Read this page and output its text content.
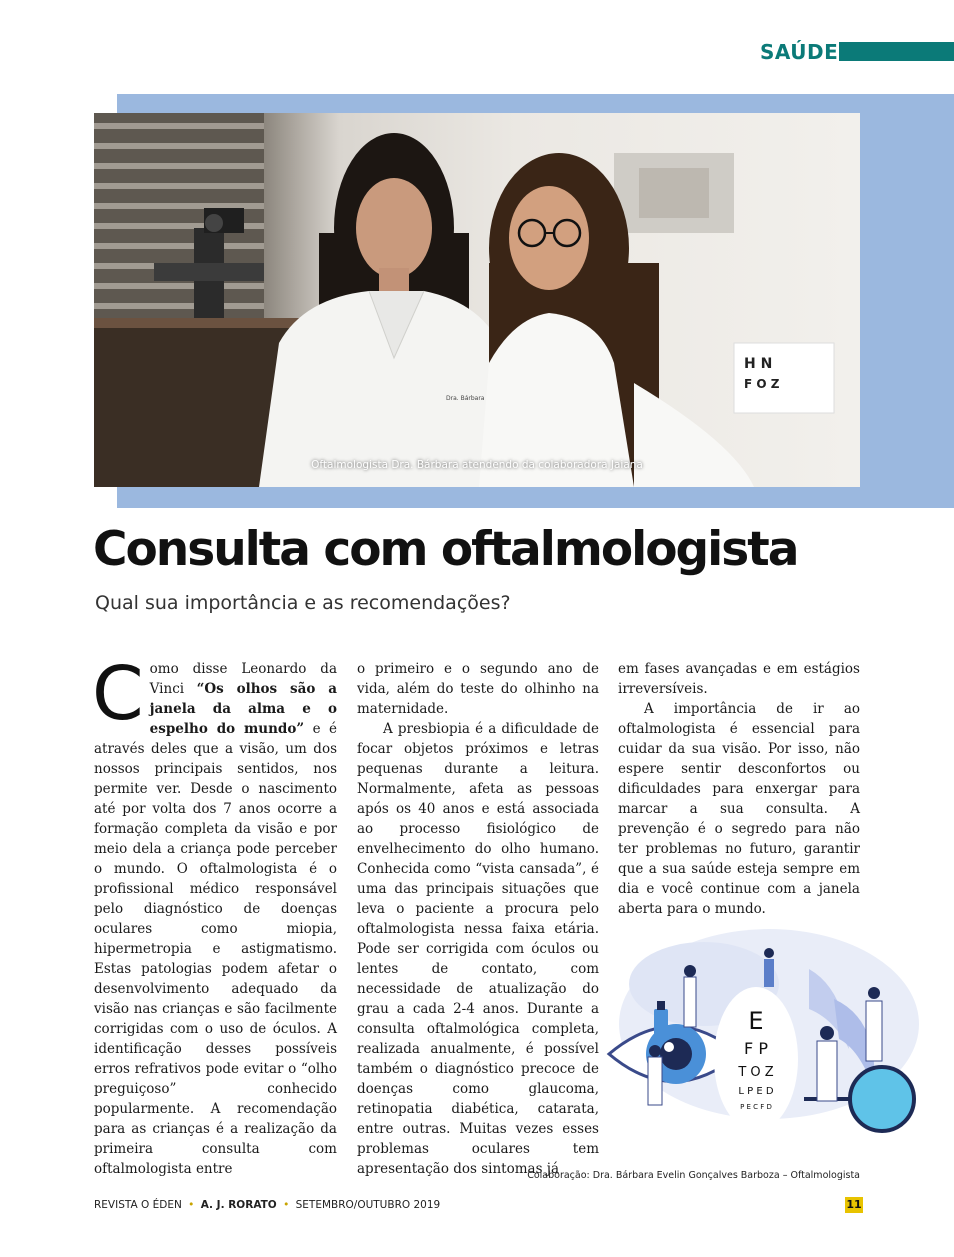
SAÚDE
H N
F O Z
Dra. Bárbara
Oftalmologista Dra. Bárbara atendendo da colaboradora Jaiana
Consulta com oftalmologista
Qual sua importância e as recomendações?

C omo disse Leonardo da Vinci “Os olhos são a janela da alma e o espelho do mundo” e é através deles que a visão, um dos nossos principais sentidos, nos permite ver. Desde o nascimento até por volta dos 7 anos ocorre a formação completa da visão e por meio dela a criança pode perceber o mundo. O oftalmologista é o profissional médico responsável pelo diagnóstico de doenças oculares como miopia, hipermetropia e astigmatismo. Estas patologias podem afetar o desenvolvimento adequado da visão nas crianças e são facilmente corrigidas com o uso de óculos. A identificação desses possíveis erros refrativos pode evitar o “olho preguiçoso” conhecido popularmente. A recomendação para as crianças é a realização da primeira consulta com oftalmologista entre

o primeiro e o segundo ano de vida, além do teste do olhinho na maternidade.

A presbiopia é a dificuldade de focar objetos próximos e letras pequenas durante a leitura. Normalmente, afeta as pessoas após os 40 anos e está associada ao processo fisiológico de envelhecimento do olho humano. Conhecida como “vista cansada”, é uma das principais situações que leva o paciente a procura pelo oftalmologista nessa faixa etária. Pode ser corrigida com óculos ou lentes de contato, com necessidade de atualização do grau a cada 2-4 anos. Durante a consulta oftalmológica completa, realizada anualmente, é possível também o diagnóstico precoce de doenças como glaucoma, retinopatia diabética, catarata, entre outras. Muitas vezes esses problemas oculares tem apresentação dos sintomas já

em fases avançadas e em estágios irreversíveis.

A importância de ir ao oftalmologista é essencial para cuidar da sua visão. Por isso, não espere sentir desconfortos ou dificuldades para enxergar para marcar a sua consulta. A prevenção é o segredo para não ter problemas no futuro, garantir que a sua saúde esteja sempre em dia e você continue com a janela aberta para o mundo.

E
F P
T O Z
L P E D
P E C F D
Colaboração: Dra. Bárbara Evelin Gonçalves Barboza – Oftalmologista
REVISTA O ÉDEN • A. J. RORATO • SETEMBRO/OUTUBRO 2019	11
